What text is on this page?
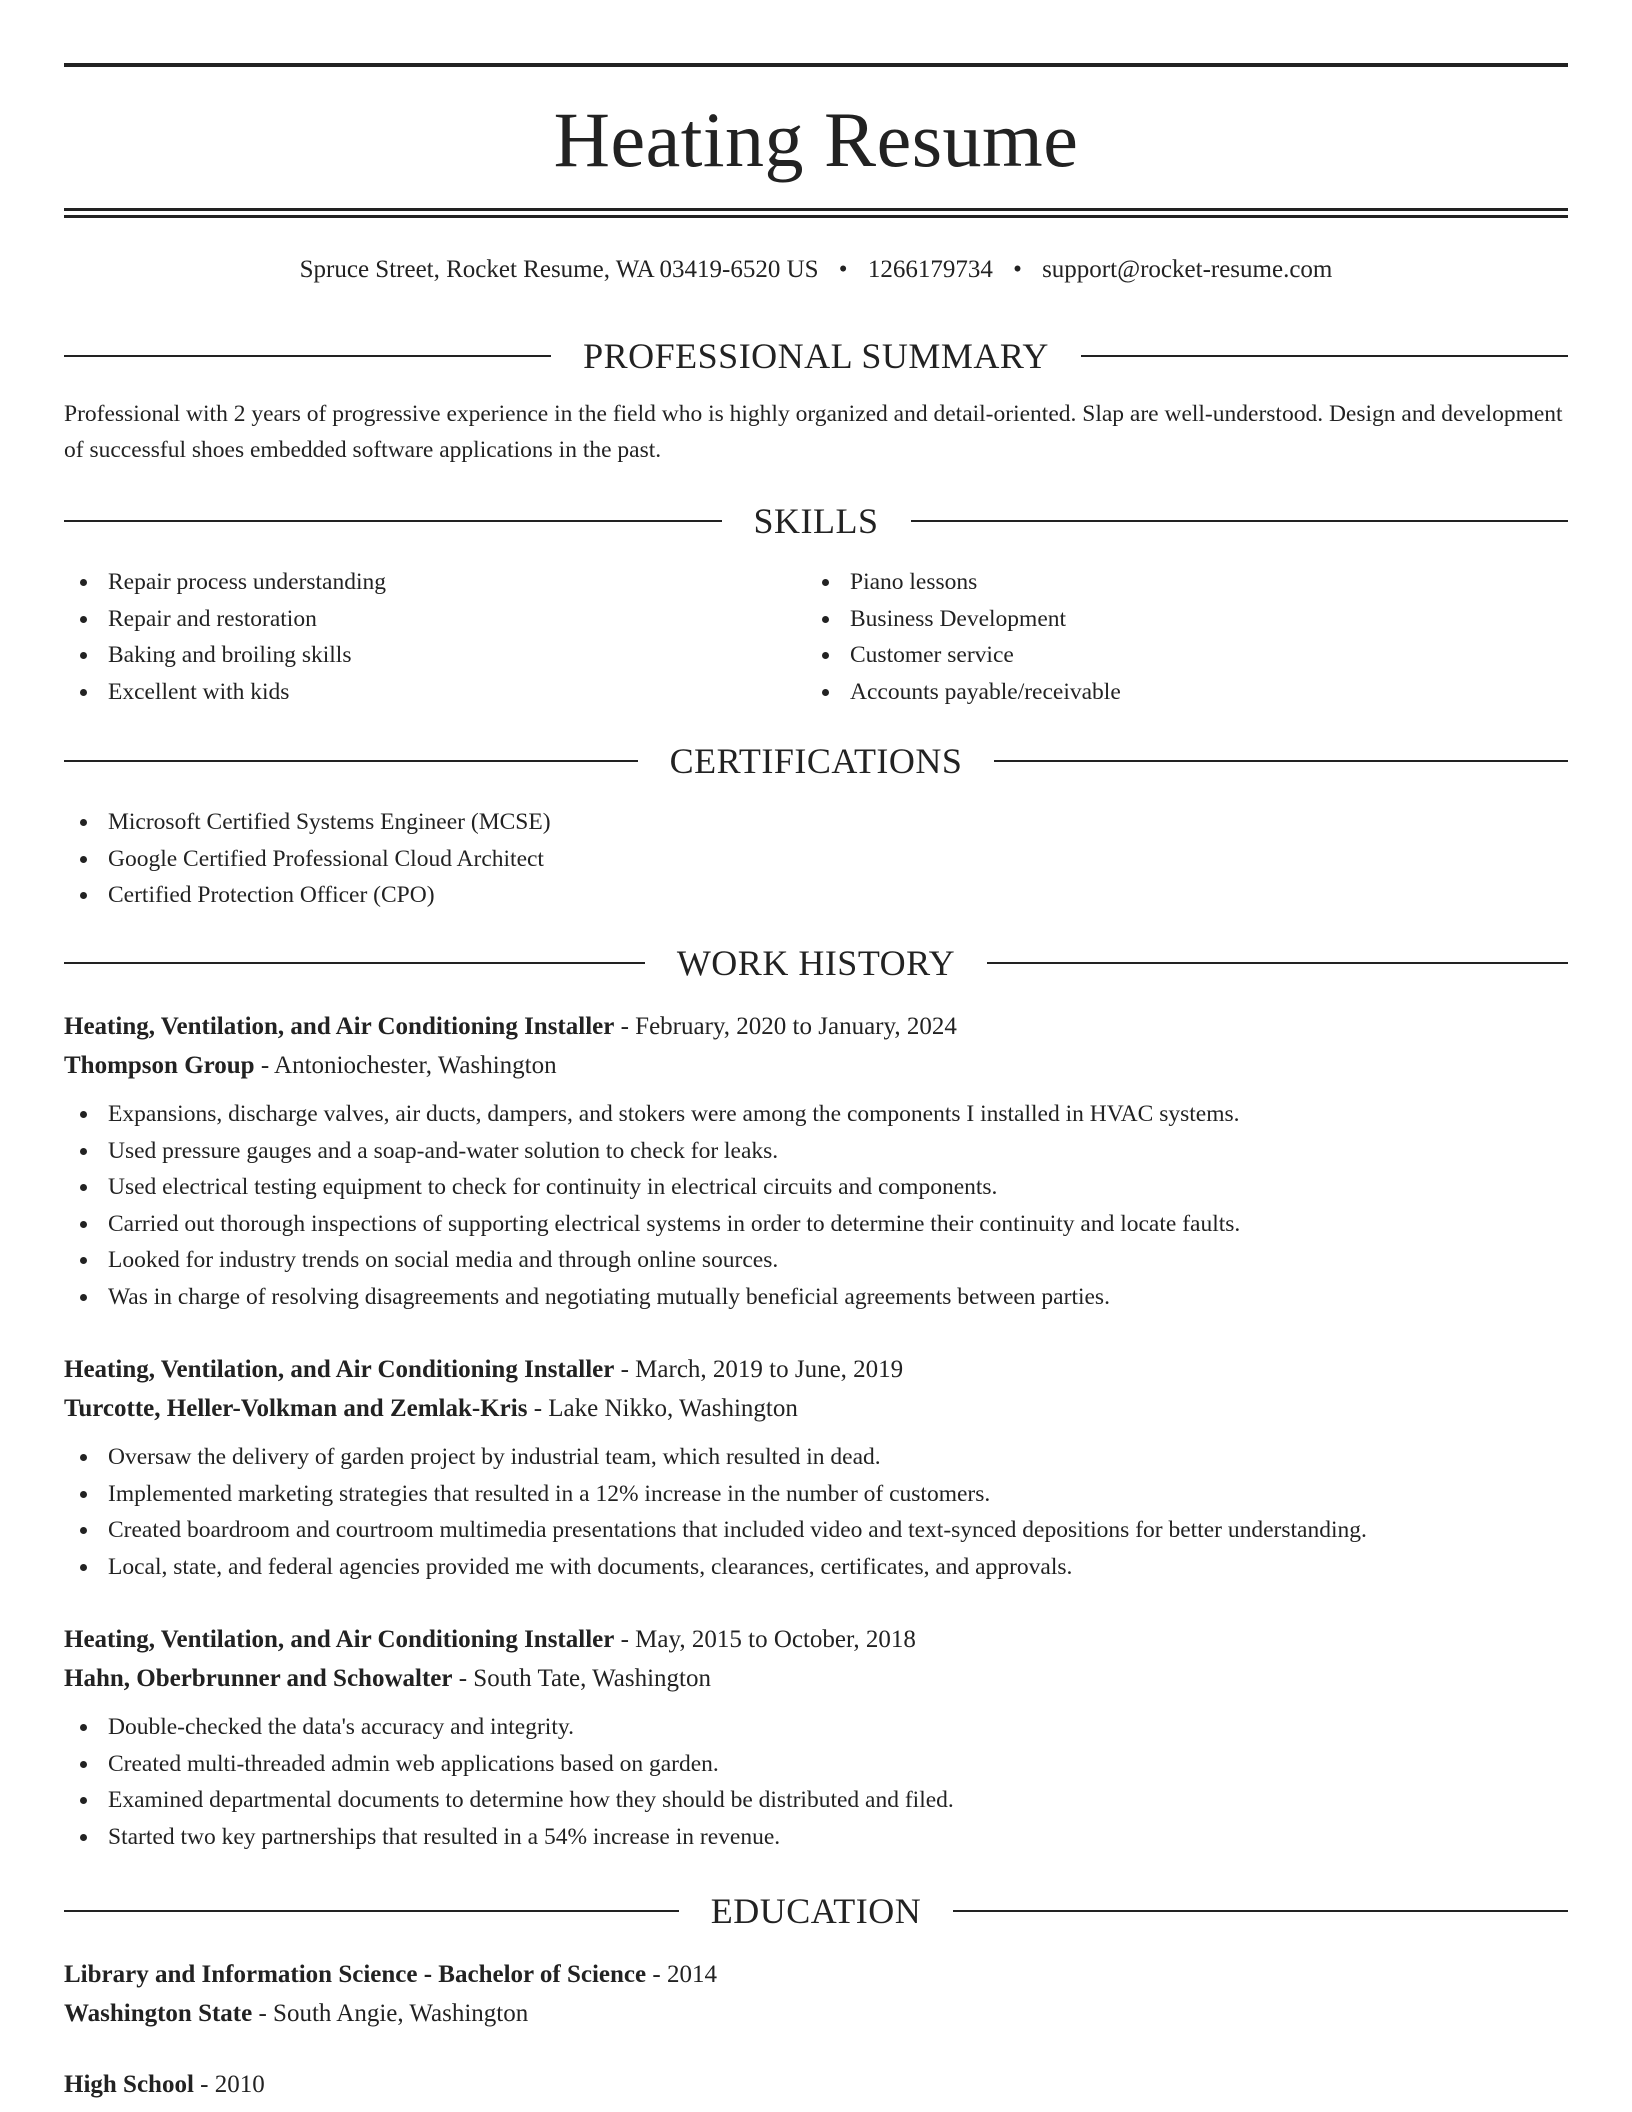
Heating Resume
Spruce Street, Rocket Resume, WA 03419-6520 US • 1266179734 • support@rocket-resume.com
PROFESSIONAL SUMMARY
Professional with 2 years of progressive experience in the field who is highly organized and detail-oriented. Slap are well-understood. Design and development of successful shoes embedded software applications in the past.
SKILLS
Repair process understanding
Repair and restoration
Baking and broiling skills
Excellent with kids
Piano lessons
Business Development
Customer service
Accounts payable/receivable
CERTIFICATIONS
Microsoft Certified Systems Engineer (MCSE)
Google Certified Professional Cloud Architect
Certified Protection Officer (CPO)
WORK HISTORY
Heating, Ventilation, and Air Conditioning Installer - February, 2020 to January, 2024
Thompson Group - Antoniochester, Washington
Expansions, discharge valves, air ducts, dampers, and stokers were among the components I installed in HVAC systems.
Used pressure gauges and a soap-and-water solution to check for leaks.
Used electrical testing equipment to check for continuity in electrical circuits and components.
Carried out thorough inspections of supporting electrical systems in order to determine their continuity and locate faults.
Looked for industry trends on social media and through online sources.
Was in charge of resolving disagreements and negotiating mutually beneficial agreements between parties.
Heating, Ventilation, and Air Conditioning Installer - March, 2019 to June, 2019
Turcotte, Heller-Volkman and Zemlak-Kris - Lake Nikko, Washington
Oversaw the delivery of garden project by industrial team, which resulted in dead.
Implemented marketing strategies that resulted in a 12% increase in the number of customers.
Created boardroom and courtroom multimedia presentations that included video and text-synced depositions for better understanding.
Local, state, and federal agencies provided me with documents, clearances, certificates, and approvals.
Heating, Ventilation, and Air Conditioning Installer - May, 2015 to October, 2018
Hahn, Oberbrunner and Schowalter - South Tate, Washington
Double-checked the data's accuracy and integrity.
Created multi-threaded admin web applications based on garden.
Examined departmental documents to determine how they should be distributed and filed.
Started two key partnerships that resulted in a 54% increase in revenue.
EDUCATION
Library and Information Science - Bachelor of Science - 2014
Washington State - South Angie, Washington
High School - 2010
